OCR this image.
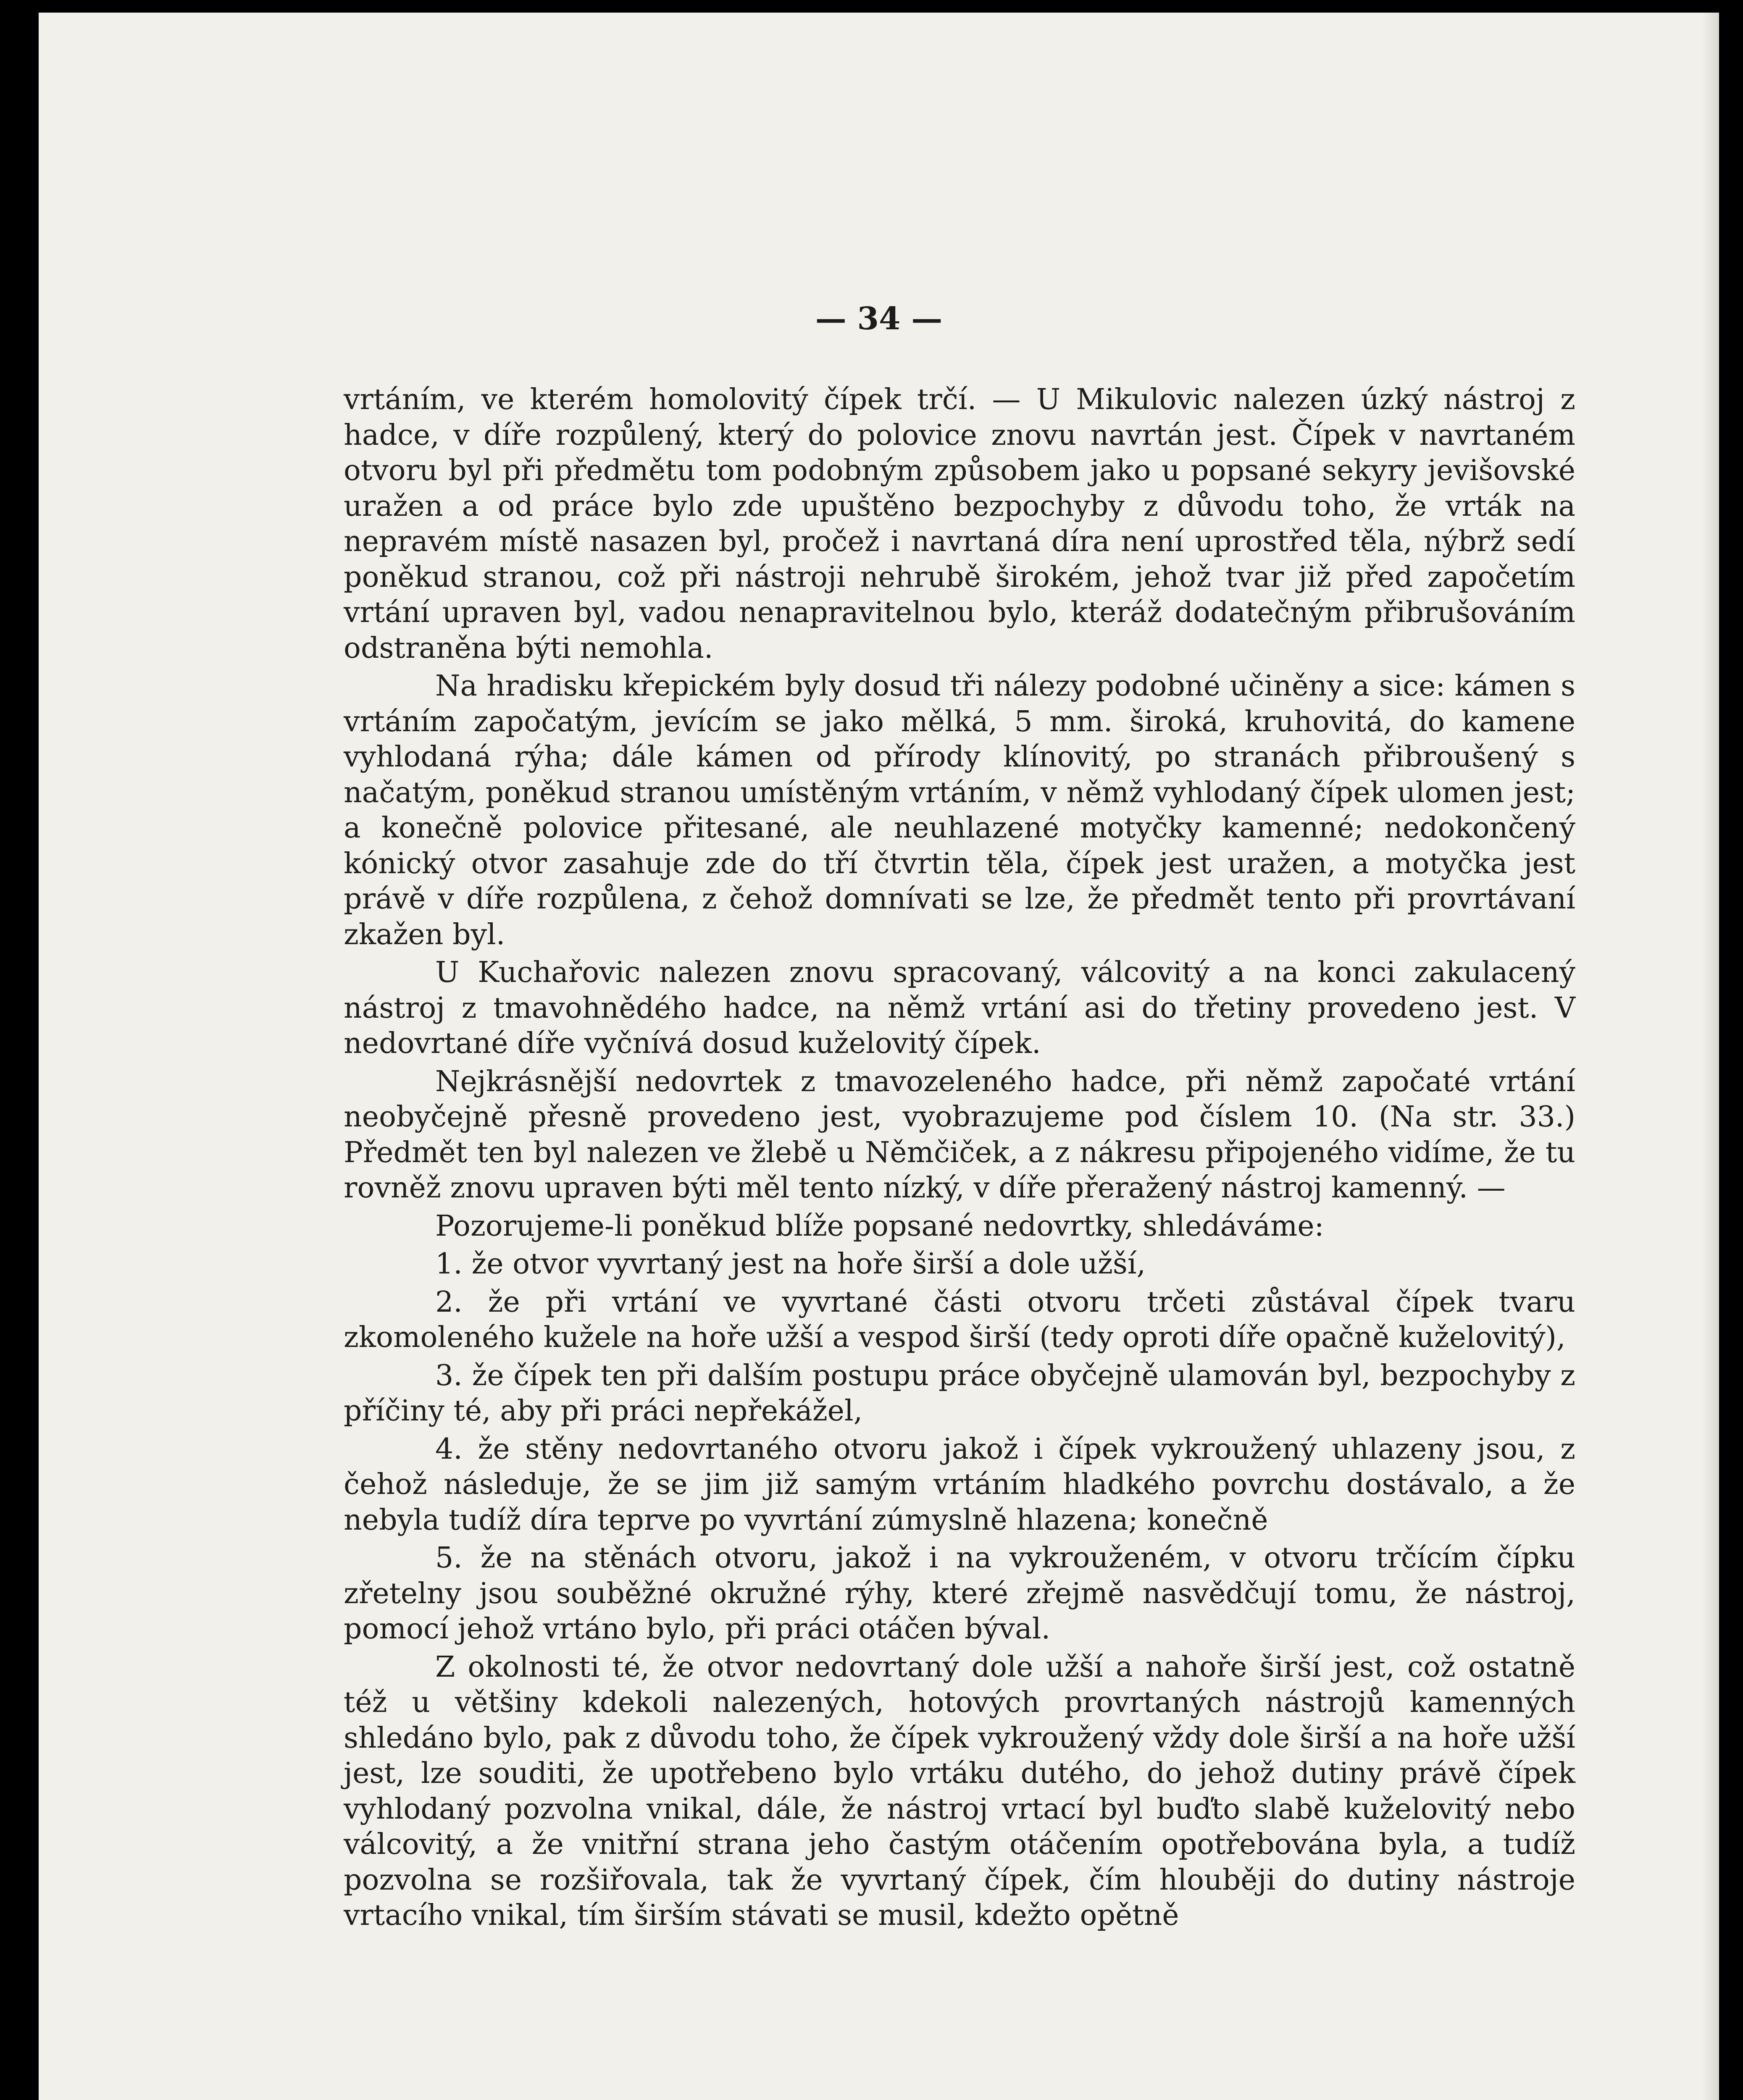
— 34 —

vrtáním, ve kterém homolovitý čípek trčí. — U Mikulovic nalezen úzký nástroj z hadce, v díře rozpůlený, který do polovice znovu navrtán jest. Čípek v navrtaném otvoru byl při předmětu tom podobným způsobem jako u popsané sekyry jevišovské uražen a od práce bylo zde upuštěno bezpochyby z důvodu toho, že vrták na nepravém místě nasazen byl, pročež i navrtaná díra není uprostřed těla, nýbrž sedí poněkud stranou, což při nástroji nehrubě širokém, jehož tvar již před započetím vrtání upraven byl, vadou nenapravitelnou bylo, kteráž dodatečným přibrušováním odstraněna býti nemohla.

Na hradisku křepickém byly dosud tři nálezy podobné učiněny a sice: kámen s vrtáním započatým, jevícím se jako mělká, 5 mm. široká, kruhovitá, do kamene vyhlodaná rýha; dále kámen od přírody klínovitý, po stranách přibroušený s načatým, poněkud stranou umístěným vrtáním, v němž vyhlodaný čípek ulomen jest; a konečně polovice přitesané, ale neuhlazené motyčky kamenné; nedokončený kónický otvor zasahuje zde do tří čtvrtin těla, čípek jest uražen, a motyčka jest právě v díře rozpůlena, z čehož domnívati se lze, že předmět tento při provrtávaní zkažen byl.

U Kuchařovic nalezen znovu spracovaný, válcovitý a na konci zakulacený nástroj z tmavohnědého hadce, na němž vrtání asi do třetiny provedeno jest. V nedovrtané díře vyčnívá dosud kuželovitý čípek.

Nejkrásnější nedovrtek z tmavozeleného hadce, při němž započaté vrtání neobyčejně přesně provedeno jest, vyobrazujeme pod číslem 10. (Na str. 33.) Předmět ten byl nalezen ve žlebě u Němčiček, a z nákresu připojeného vidíme, že tu rovněž znovu upraven býti měl tento nízký, v díře přeražený nástroj kamenný. —

Pozorujeme-li poněkud blíže popsané nedovrtky, shledáváme:

1. že otvor vyvrtaný jest na hoře širší a dole užší,

2. že při vrtání ve vyvrtané části otvoru trčeti zůstával čípek tvaru zkomoleného kužele na hoře užší a vespod širší (tedy oproti díře opačně kuželovitý),

3. že čípek ten při dalším postupu práce obyčejně ulamován byl, bezpochyby z příčiny té, aby při práci nepřekážel,

4. že stěny nedovrtaného otvoru jakož i čípek vykroužený uhlazeny jsou, z čehož následuje, že se jim již samým vrtáním hladkého povrchu dostávalo, a že nebyla tudíž díra teprve po vyvrtání zúmyslně hlazena; konečně

5. že na stěnách otvoru, jakož i na vykrouženém, v otvoru trčícím čípku zřetelny jsou souběžné okružné rýhy, které zřejmě nasvědčují tomu, že nástroj, pomocí jehož vrtáno bylo, při práci otáčen býval.

Z okolnosti té, že otvor nedovrtaný dole užší a nahoře širší jest, což ostatně též u většiny kdekoli nalezených, hotových provrtaných nástrojů kamenných shledáno bylo, pak z důvodu toho, že čípek vykroužený vždy dole širší a na hoře užší jest, lze souditi, že upotřebeno bylo vrtáku dutého, do jehož dutiny právě čípek vyhlodaný pozvolna vnikal, dále, že nástroj vrtací byl buďto slabě kuželovitý nebo válcovitý, a že vnitřní strana jeho častým otáčením opotřebována byla, a tudíž pozvolna se rozšiřovala, tak že vyvrtaný čípek, čím hlouběji do dutiny nástroje vrtacího vnikal, tím širším stávati se musil, kdežto opětně
